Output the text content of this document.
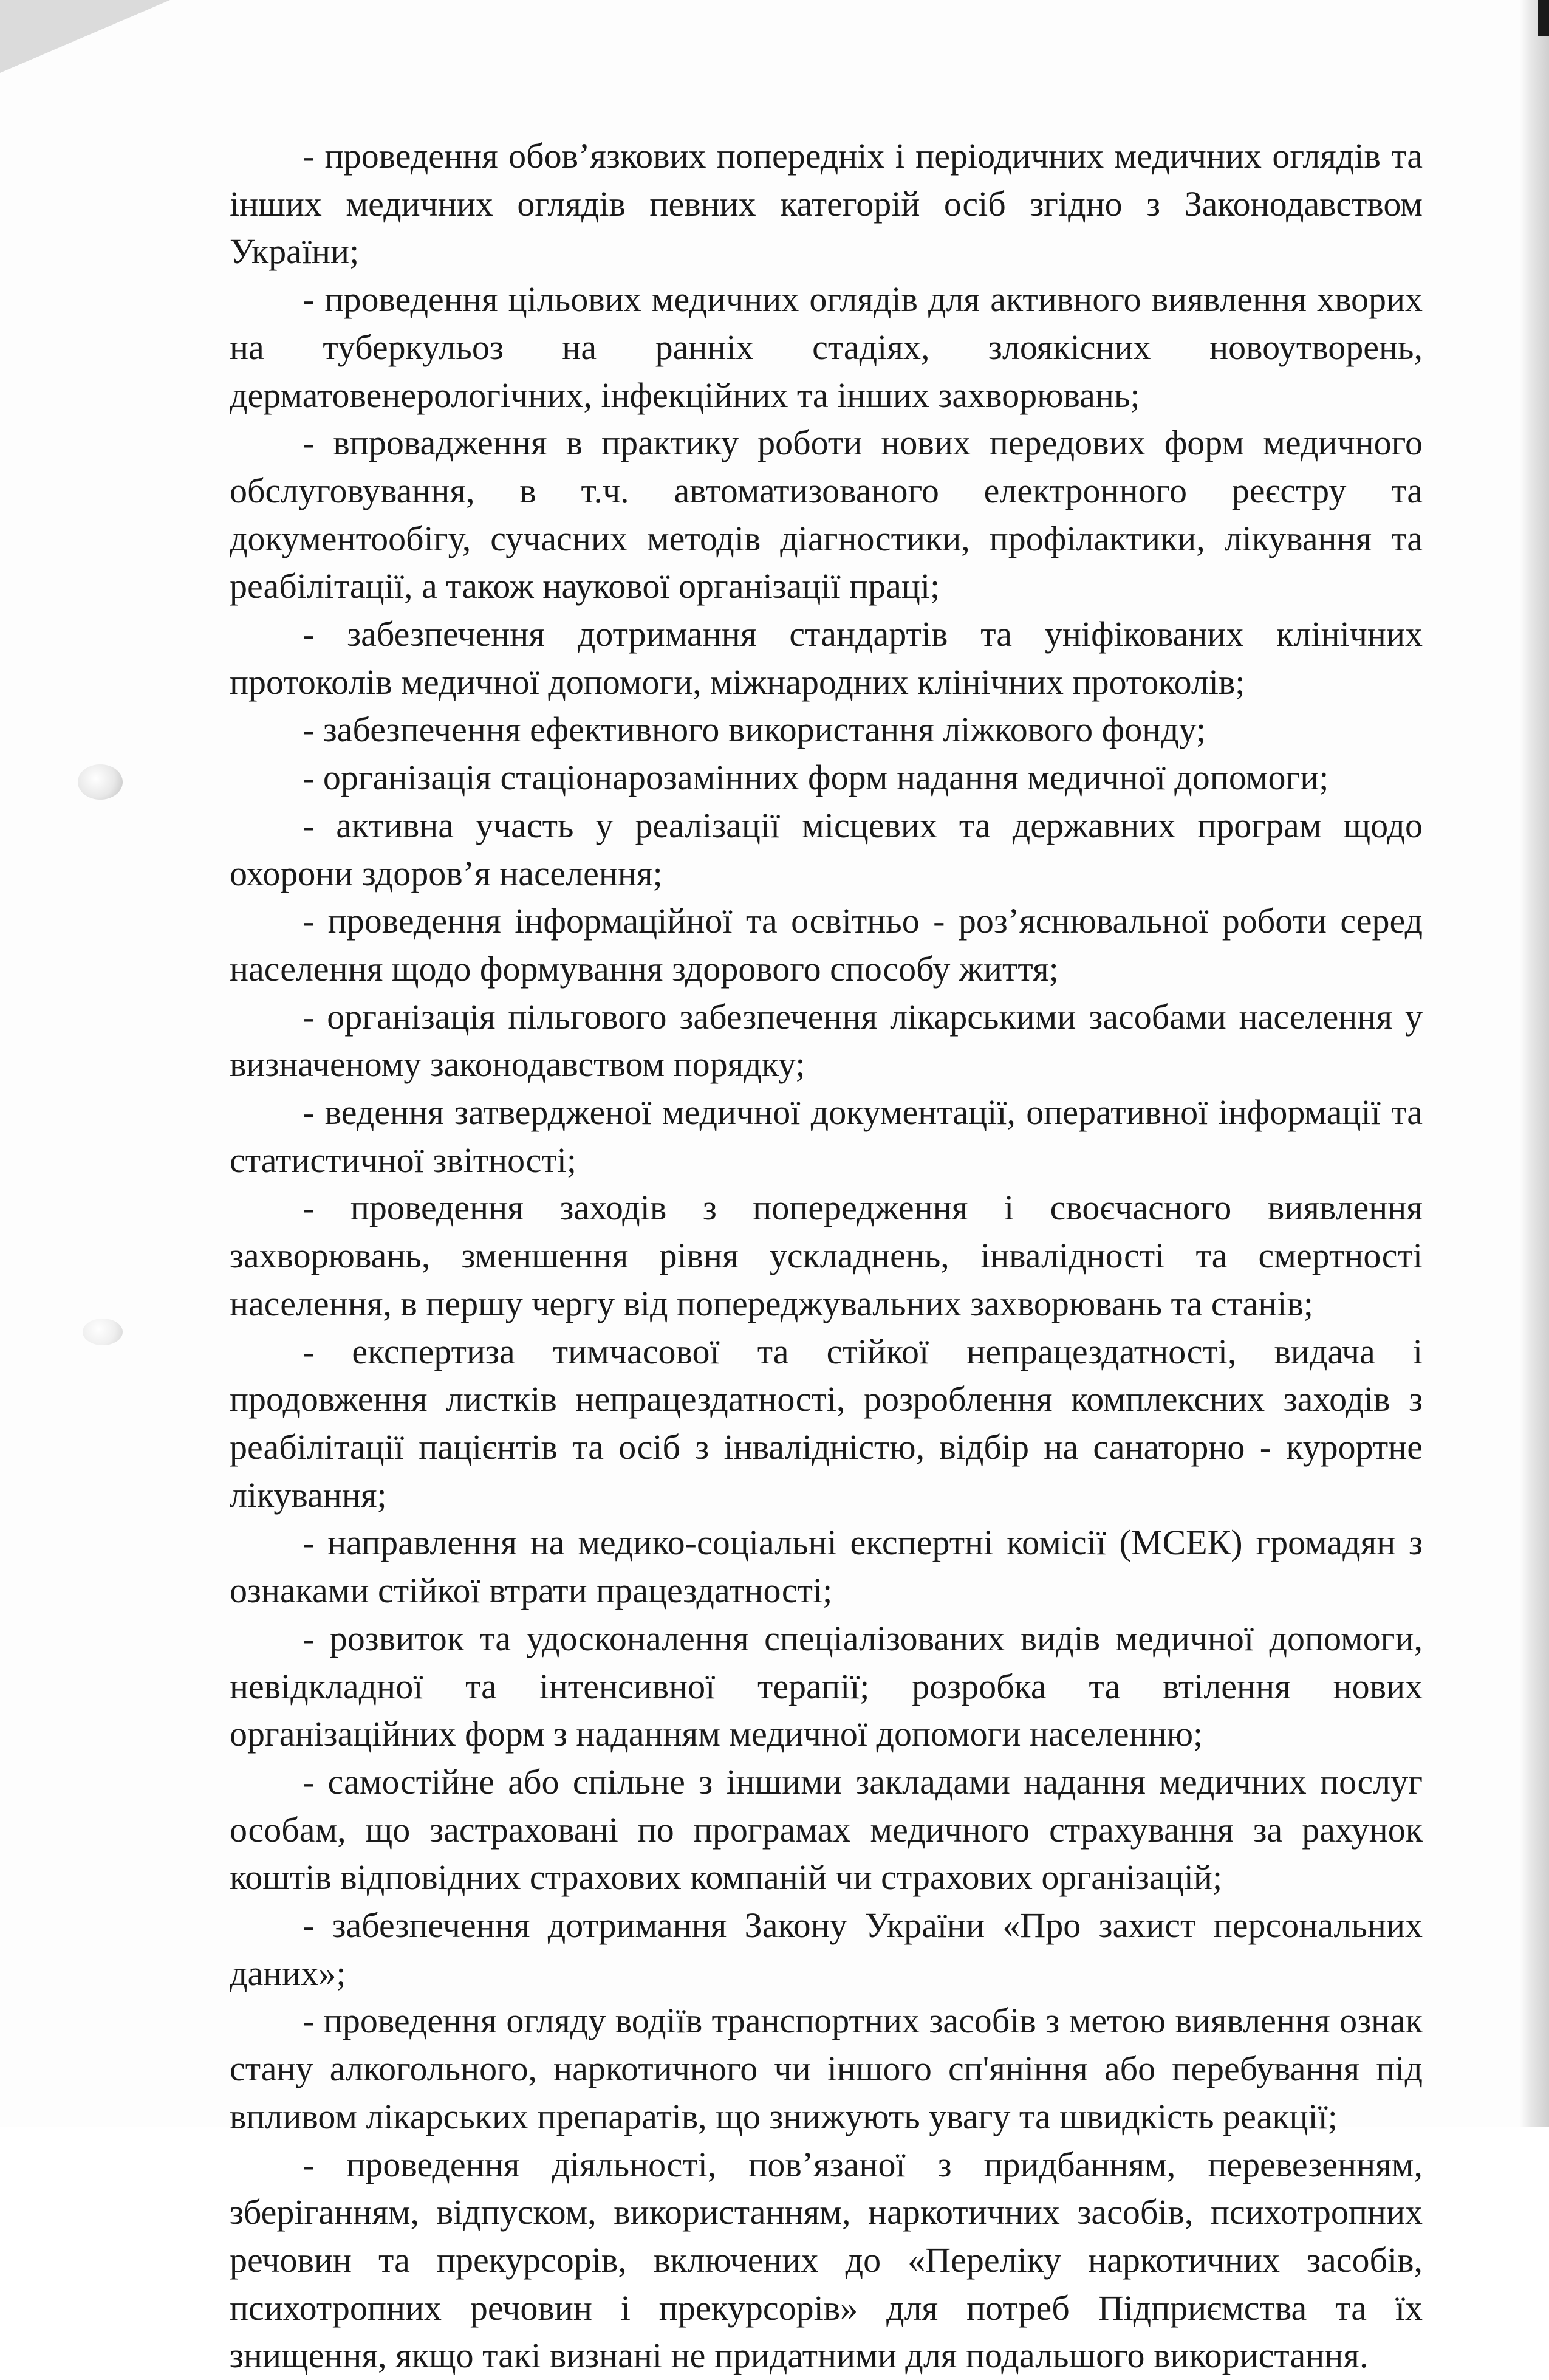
- проведення обов’язкових попередніх і періодичних медичних оглядів та інших медичних оглядів певних категорій осіб згідно з Законодавством України;

- проведення цільових медичних оглядів для активного виявлення хворих на туберкульоз на ранніх стадіях, злоякісних новоутворень, дерматовенерологічних, інфекційних та інших захворювань;

- впровадження в практику роботи нових передових форм медичного обслуговування, в т.ч. автоматизованого електронного реєстру та документообігу, сучасних методів діагностики, профілактики, лікування та реабілітації, а також наукової організації праці;

- забезпечення дотримання стандартів та уніфікованих клінічних протоколів медичної допомоги, міжнародних клінічних протоколів;

- забезпечення ефективного використання ліжкового фонду;

- організація стаціонарозамінних форм надання медичної допомоги;

- активна участь у реалізації місцевих та державних програм щодо охорони здоров’я населення;

- проведення інформаційної та освітньо - роз’яснювальної роботи серед населення щодо формування здорового способу життя;

- організація пільгового забезпечення лікарськими засобами населення у визначеному законодавством порядку;

- ведення затвердженої медичної документації, оперативної інформації та статистичної звітності;

- проведення заходів з попередження і своєчасного виявлення захворювань, зменшення рівня ускладнень, інвалідності та смертності населення, в першу чергу від попереджувальних захворювань та станів;

- експертиза тимчасової та стійкої непрацездатності, видача і продовження листків непрацездатності, розроблення комплексних заходів з реабілітації пацієнтів та осіб з інвалідністю, відбір на санаторно - курортне лікування;

- направлення на медико-соціальні експертні комісії (МСЕК) громадян з ознаками стійкої втрати працездатності;

- розвиток та удосконалення спеціалізованих видів медичної допомоги, невідкладної та інтенсивної терапії; розробка та втілення нових організаційних форм з наданням медичної допомоги населенню;

- самостійне або спільне з іншими закладами надання медичних послуг особам, що застраховані по програмах медичного страхування за рахунок коштів відповідних страхових компаній чи страхових організацій;

- забезпечення дотримання Закону України «Про захист персональних даних»;

- проведення огляду водіїв транспортних засобів з метою виявлення ознак стану алкогольного, наркотичного чи іншого сп'яніння або перебування під впливом лікарських препаратів, що знижують увагу та швидкість реакції;

- проведення діяльності, пов’язаної з придбанням, перевезенням, зберіганням, відпуском, використанням, наркотичних засобів, психотропних речовин та прекурсорів, включених до «Переліку наркотичних засобів, психотропних речовин і прекурсорів» для потреб Підприємства та їх знищення, якщо такі визнані не придатними для подальшого використання.
